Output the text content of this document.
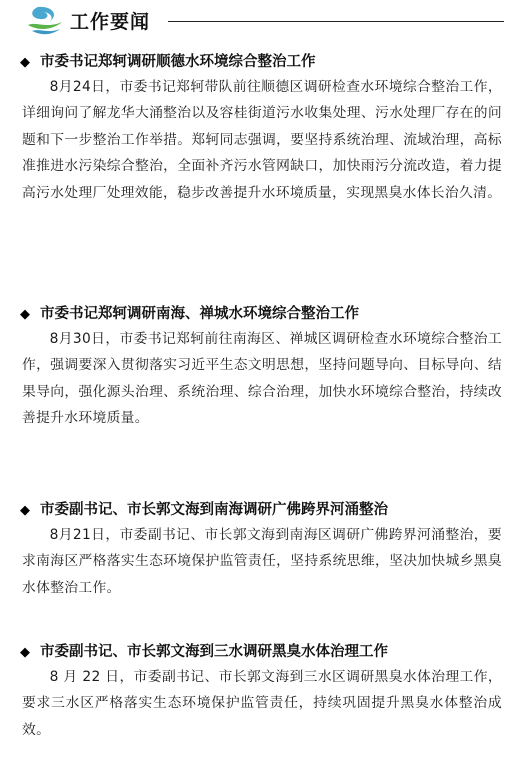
工作要闻
◆ 市委书记郑轲调研顺德水环境综合整治工作

8月24日，市委书记郑轲带队前往顺德区调研检查水环境综合整治工作，详细询问了解龙华大涌整治以及容桂街道污水收集处理、污水处理厂存在的问题和下一步整治工作举措。郑轲同志强调，要坚持系统治理、流域治理，高标准推进水污染综合整治，全面补齐污水管网缺口，加快雨污分流改造，着力提高污水处理厂处理效能，稳步改善提升水环境质量，实现黑臭水体长治久清。

◆ 市委书记郑轲调研南海、禅城水环境综合整治工作

8月30日，市委书记郑轲前往南海区、禅城区调研检查水环境综合整治工作，强调要深入贯彻落实习近平生态文明思想，坚持问题导向、目标导向、结果导向，强化源头治理、系统治理、综合治理，加快水环境综合整治，持续改善提升水环境质量。

◆ 市委副书记、市长郭文海到南海调研广佛跨界河涌整治

8月21日，市委副书记、市长郭文海到南海区调研广佛跨界河涌整治，要求南海区严格落实生态环境保护监管责任，坚持系统思维，坚决加快城乡黑臭水体整治工作。

◆ 市委副书记、市长郭文海到三水调研黑臭水体治理工作

8 月 22 日，市委副书记、市长郭文海到三水区调研黑臭水体治理工作，要求三水区严格落实生态环境保护监管责任，持续巩固提升黑臭水体整治成效。
